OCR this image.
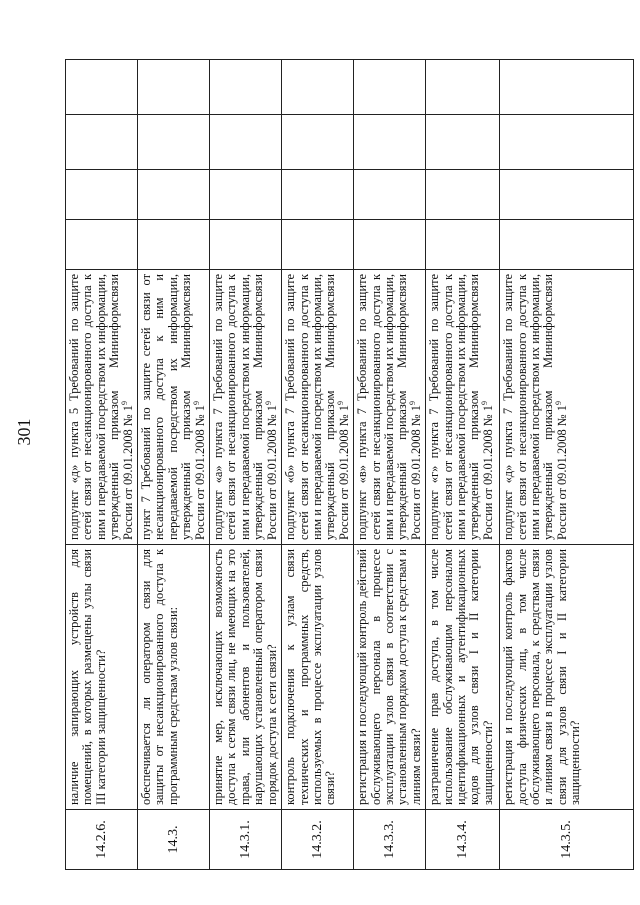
301
14.2.6.	наличие запирающих устройств для помещений, в которых размещены узлы связи III категории защищенности?	подпункт «д» пункта 5 Требований по защите сетей связи от несанкционированного доступа к ним и передаваемой посредством их информации, утвержденный приказом Мининформсвязи России от 09.01.2008 № $1^9$				
14.3.	обеспечивается ли оператором связи для защиты от несанкционированного доступа к программным средствам узлов связи:	пункт 7 Требований по защите сетей связи от несанкционированного доступа к ним и передаваемой посредством их информации, утвержденный приказом Мининформсвязи России от 09.01.2008 № $1^9$				
14.3.1.	принятие мер, исключающих возможность доступа к сетям связи лиц, не имеющих на это права, или абонентов и пользователей, нарушающих установленный оператором связи порядок доступа к сети связи?	подпункт «а» пункта 7 Требований по защите сетей связи от несанкционированного доступа к ним и передаваемой посредством их информации, утвержденный приказом Мининформсвязи России от 09.01.2008 № $1^9$				
14.3.2.	контроль подключения к узлам связи технических и программных средств, используемых в процессе эксплуатации узлов связи?	подпункт «б» пункта 7 Требований по защите сетей связи от несанкционированного доступа к ним и передаваемой посредством их информации, утвержденный приказом Мининформсвязи России от 09.01.2008 № $1^9$				
14.3.3.	регистрация и последующий контроль действий обслуживающего персонала в процессе эксплуатации узлов связи в соответствии с установленным порядком доступа к средствам и линиям связи?	подпункт «в» пункта 7 Требований по защите сетей связи от несанкционированного доступа к ним и передаваемой посредством их информации, утвержденный приказом Мининформсвязи России от 09.01.2008 № $1^9$				
14.3.4.	разграничение прав доступа, в том числе использование обслуживающим персоналом идентификационных и аутентификационных кодов для узлов связи I и II категории защищенности?	подпункт «г» пункта 7 Требований по защите сетей связи от несанкционированного доступа к ним и передаваемой посредством их информации, утвержденный приказом Мининформсвязи России от 09.01.2008 № $1^9$				
14.3.5.	регистрация и последующий контроль фактов доступа физических лиц, в том числе обслуживающего персонала, к средствам связи и линиям связи в процессе эксплуатации узлов связи для узлов связи I и II категории защищенности?	подпункт «д» пункта 7 Требований по защите сетей связи от несанкционированного доступа к ним и передаваемой посредством их информации, утвержденный приказом Мининформсвязи России от 09.01.2008 № $1^9$				
